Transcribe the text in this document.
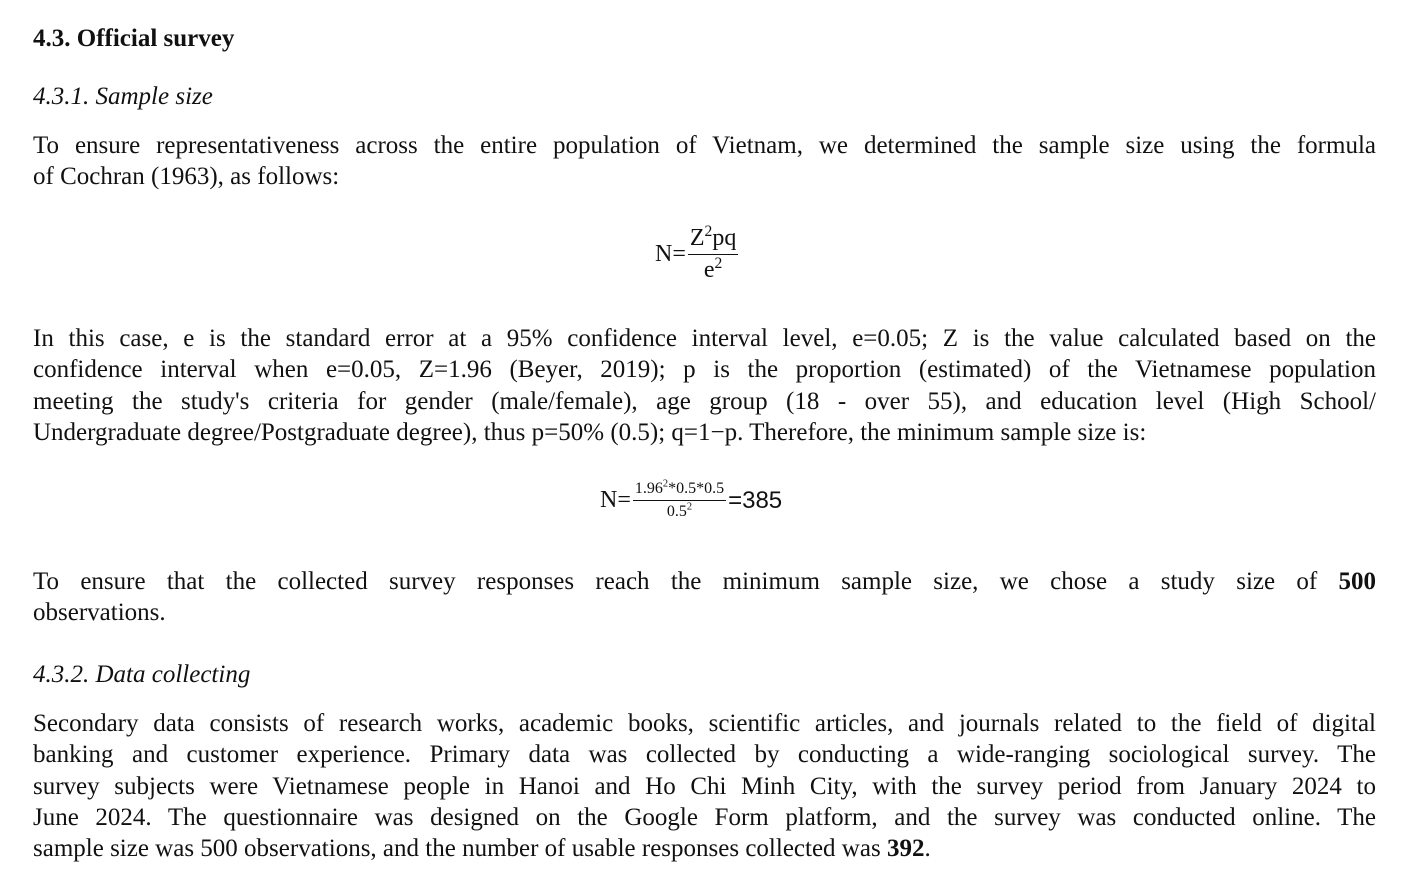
4.3. Official survey
4.3.1. Sample size
To ensure representativeness across the entire population of Vietnam, we determined the sample size using the formula
of Cochran (1963), as follows:
$N= \frac{Z^2pq}{e^2}$
In this case, e is the standard error at a 95% confidence interval level, e=0.05; Z is the value calculated based on the
confidence interval when e=0.05, Z=1.96 (Beyer, 2019); p is the proportion (estimated) of the Vietnamese population
meeting the study's criteria for gender (male/female), age group (18 - over 55), and education level (High School/
Undergraduate degree/Postgraduate degree), thus p=50% (0.5); q=1−p. Therefore, the minimum sample size is:
$N= \frac{1.96^2*0.5*0.5}{0.5^2} =385$
To ensure that the collected survey responses reach the minimum sample size, we chose a study size of 500
observations.
4.3.2. Data collecting
Secondary data consists of research works, academic books, scientific articles, and journals related to the field of digital
banking and customer experience. Primary data was collected by conducting a wide-ranging sociological survey. The
survey subjects were Vietnamese people in Hanoi and Ho Chi Minh City, with the survey period from January 2024 to
June 2024. The questionnaire was designed on the Google Form platform, and the survey was conducted online. The
sample size was 500 observations, and the number of usable responses collected was 392.
